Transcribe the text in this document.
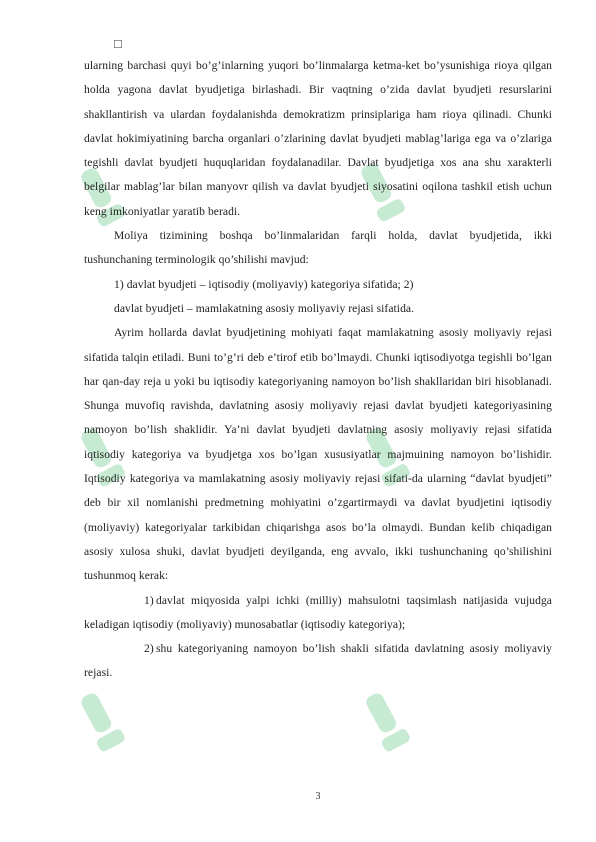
□

ularning barchasi quyi bo’g’inlarning yuqori bo’linmalarga ketma-ket bo’ysunishiga rioya qilgan holda yagona davlat byudjetiga birlashadi. Bir vaqtning o’zida davlat byudjeti resurslarini shakllantirish va ulardan foydalanishda demokratizm prinsiplariga ham rioya qilinadi. Chunki davlat hokimiyatining barcha organlari o’zlarining davlat byudjeti mablag’lariga ega va o’zlariga tegishli davlat byudjeti huquqlaridan foydalanadilar. Davlat byudjetiga xos ana shu xarakterli belgilar mablag’lar bilan manyovr qilish va davlat byudjeti siyosatini oqilona tashkil etish uchun keng imkoniyatlar yaratib beradi.

Moliya tizimining boshqa bo’linmalaridan farqli holda, davlat byudjetida, ikki tushunchaning terminologik qo’shilishi mavjud:

1) davlat byudjeti – iqtisodiy (moliyaviy) kategoriya sifatida; 2)

davlat byudjeti – mamlakatning asosiy moliyaviy rejasi sifatida.

Ayrim hollarda davlat byudjetining mohiyati faqat mamlakatning asosiy moliyaviy rejasi sifatida talqin etiladi. Buni to’g’ri deb e’tirof etib bo’lmaydi. Chunki iqtisodiyotga tegishli bo’lgan har qan-day reja u yoki bu iqtisodiy kategoriyaning namoyon bo’lish shakllaridan biri hisoblanadi. Shunga muvofiq ravishda, davlatning asosiy moliyaviy rejasi davlat byudjeti kategoriyasining namoyon bo’lish shaklidir. Ya’ni davlat byudjeti davlatning asosiy moliyaviy rejasi sifatida iqtisodiy kategoriya va byudjetga xos bo’lgan xususiyatlar majmuining namoyon bo’lishidir. Iqtisodiy kategoriya va mamlakatning asosiy moliyaviy rejasi sifati-da ularning “davlat byudjeti” deb bir xil nomlanishi predmetning mohiyatini o’zgartirmaydi va davlat byudjetini iqtisodiy (moliyaviy) kategoriyalar tarkibidan chiqarishga asos bo’la olmaydi. Bundan kelib chiqadigan asosiy xulosa shuki, davlat byudjeti deyilganda, eng avvalo, ikki tushunchaning qo’shilishini tushunmoq kerak:

1) davlat miqyosida yalpi ichki (milliy) mahsulotni taqsimlash natijasida vujudga keladigan iqtisodiy (moliyaviy) munosabatlar (iqtisodiy kategoriya);

2) shu kategoriyaning namoyon bo’lish shakli sifatida davlatning asosiy moliyaviy rejasi.

3
